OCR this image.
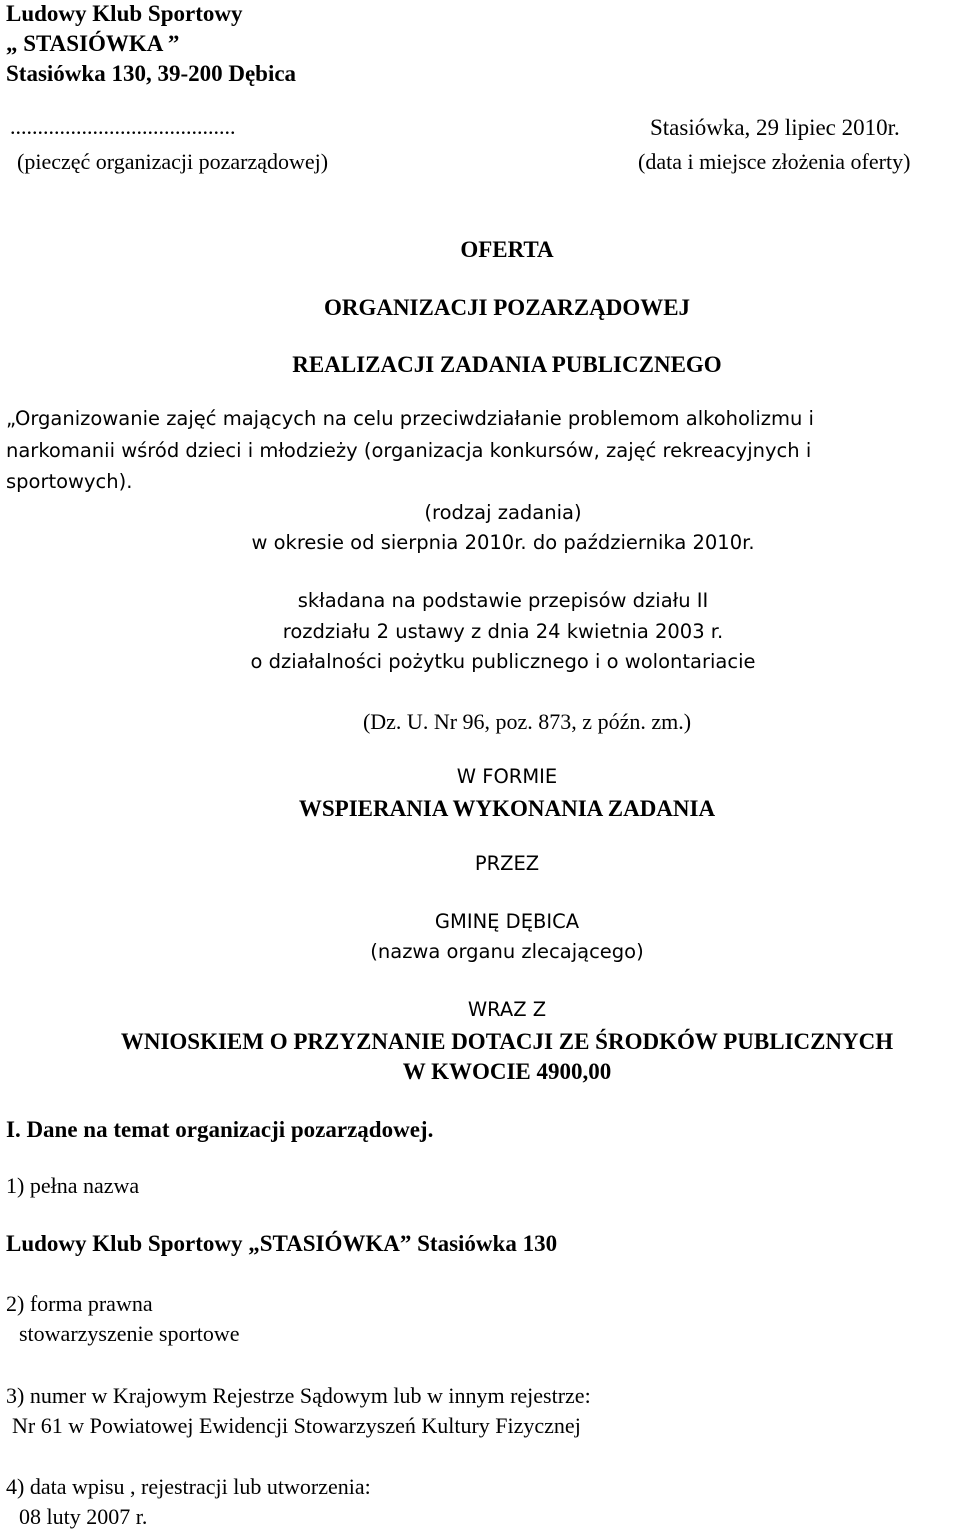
Ludowy Klub Sportowy
„ STASIÓWKA ”
Stasiówka 130, 39-200 Dębica
.........................................	Stasiówka, 29 lipiec 2010r.
(pieczęć organizacji pozarządowej)	(data i miejsce złożenia oferty)
OFERTA
ORGANIZACJI POZARZĄDOWEJ
REALIZACJI ZADANIA PUBLICZNEGO
„Organizowanie zajęć mających na celu przeciwdziałanie problemom alkoholizmu i
narkomanii wśród dzieci i młodzieży (organizacja konkursów, zajęć rekreacyjnych i
sportowych).
(rodzaj zadania)
w okresie od sierpnia 2010r. do października 2010r.
składana na podstawie przepisów działu II
rozdziału 2 ustawy z dnia 24 kwietnia 2003 r.
o działalności pożytku publicznego i o wolontariacie
(Dz. U. Nr 96, poz. 873, z późn. zm.)
W FORMIE
WSPIERANIA WYKONANIA ZADANIA
PRZEZ
GMINĘ DĘBICA
(nazwa organu zlecającego)
WRAZ Z
WNIOSKIEM O PRZYZNANIE DOTACJI ZE ŚRODKÓW PUBLICZNYCH
W KWOCIE 4900,00
I. Dane na temat organizacji pozarządowej.
1) pełna nazwa
Ludowy Klub Sportowy „STASIÓWKA” Stasiówka 130
2) forma prawna
stowarzyszenie sportowe
3) numer w Krajowym Rejestrze Sądowym lub w innym rejestrze:
Nr 61 w Powiatowej Ewidencji Stowarzyszeń Kultury Fizycznej
4) data wpisu , rejestracji lub utworzenia:
08 luty 2007 r.
